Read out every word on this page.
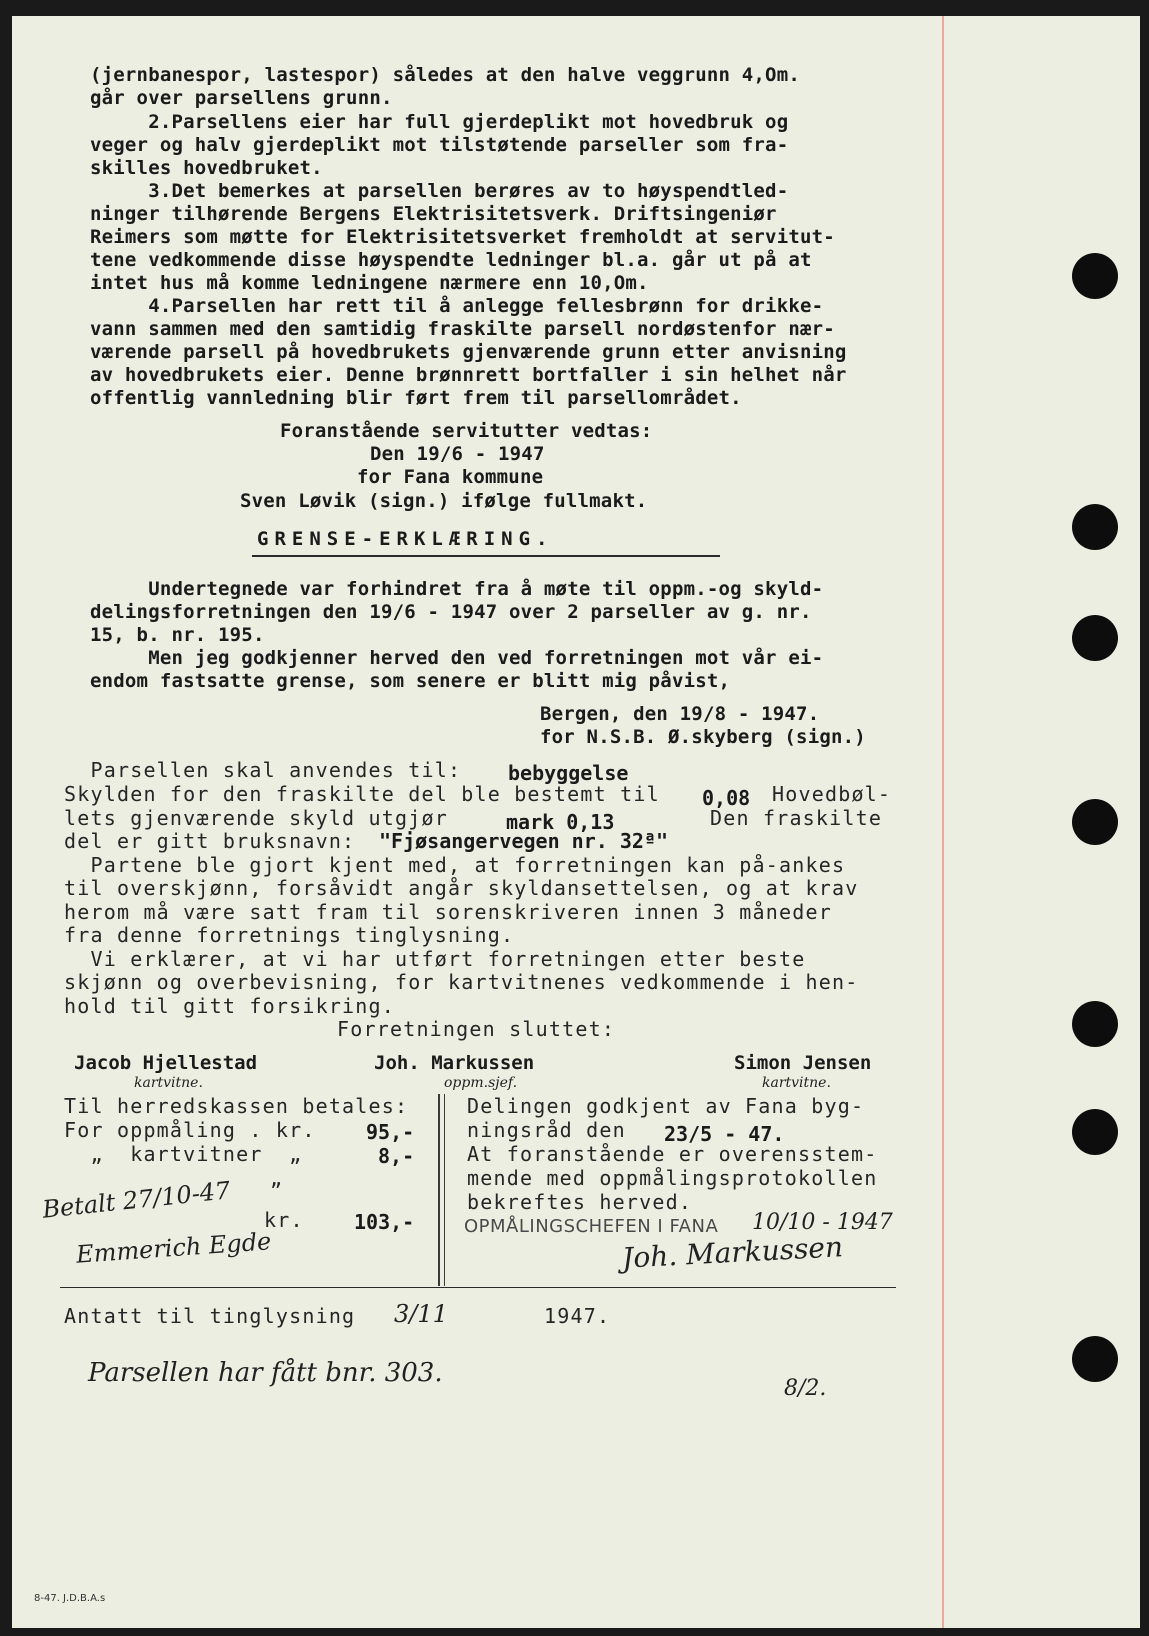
(jernbanespor, lastespor) således at den halve veggrunn 4,Om.
går over parsellens grunn.
2.Parsellens eier har full gjerdeplikt mot hovedbruk og
veger og halv gjerdeplikt mot tilstøtende parseller som fra-
skilles hovedbruket.
3.Det bemerkes at parsellen berøres av to høyspendtled-
ninger tilhørende Bergens Elektrisitetsverk. Driftsingeniør
Reimers som møtte for Elektrisitetsverket fremholdt at servitut-
tene vedkommende disse høyspendte ledninger bl.a. går ut på at
intet hus må komme ledningene nærmere enn 10,Om.
4.Parsellen har rett til å anlegge fellesbrønn for drikke-
vann sammen med den samtidig fraskilte parsell nordøstenfor nær-
værende parsell på hovedbrukets gjenværende grunn etter anvisning
av hovedbrukets eier. Denne brønnrett bortfaller i sin helhet når
offentlig vannledning blir ført frem til parsellområdet.
Foranstående servitutter vedtas:
Den 19/6 - 1947
for Fana kommune
Sven Løvik (sign.) ifølge fullmakt.
GRENSE-ERKLÆRING.
Undertegnede var forhindret fra å møte til oppm.-og skyld-
delingsforretningen den 19/6 - 1947 over 2 parseller av g. nr.
15, b. nr. 195.
Men jeg godkjenner herved den ved forretningen mot vår ei-
endom fastsatte grense, som senere er blitt mig påvist,
Bergen, den 19/8 - 1947.
for N.S.B. Ø.skyberg (sign.)
Parsellen skal anvendes til: bebyggelse
Skylden for den fraskilte del ble bestemt til 0,08 Hovedbøl-
lets gjenværende skyld utgjør	mark 0,13	Den fraskilte
del er gitt bruksnavn: "Fjøsangervegen nr. 32ª"
Partene ble gjort kjent med, at forretningen kan på-ankes
til overskjønn, forsåvidt angår skyldansettelsen, og at krav
herom må være satt fram til sorenskriveren innen 3 måneder
fra denne forretnings tinglysning.
Vi erklærer, at vi har utført forretningen etter beste
skjønn og overbevisning, for kartvitnenes vedkommende i hen-
hold til gitt forsikring.
Forretningen sluttet:
Jacob Hjellestad
kartvitne.
Joh. Markussen
oppm.sjef.
Simon Jensen
kartvitne.
Til herredskassen betales:
For oppmåling . kr.	95,-
„  kartvitner  „	8,-
„
Betalt 27/10-47 kr.	103,-
Emmerich Egde
Delingen godkjent av Fana byg-
ningsråd den 23/5 - 47.
At foranstående er overensstem-
mende med oppmålingsprotokollen
bekreftes herved.
OPMÅLINGSCHEFEN I FANA 10/10 - 1947
Joh. Markussen
Antatt til tinglysning 3/11	1947.
Parsellen har fått bnr. 303.
8/2.
8-47. J.D.B.A.s
